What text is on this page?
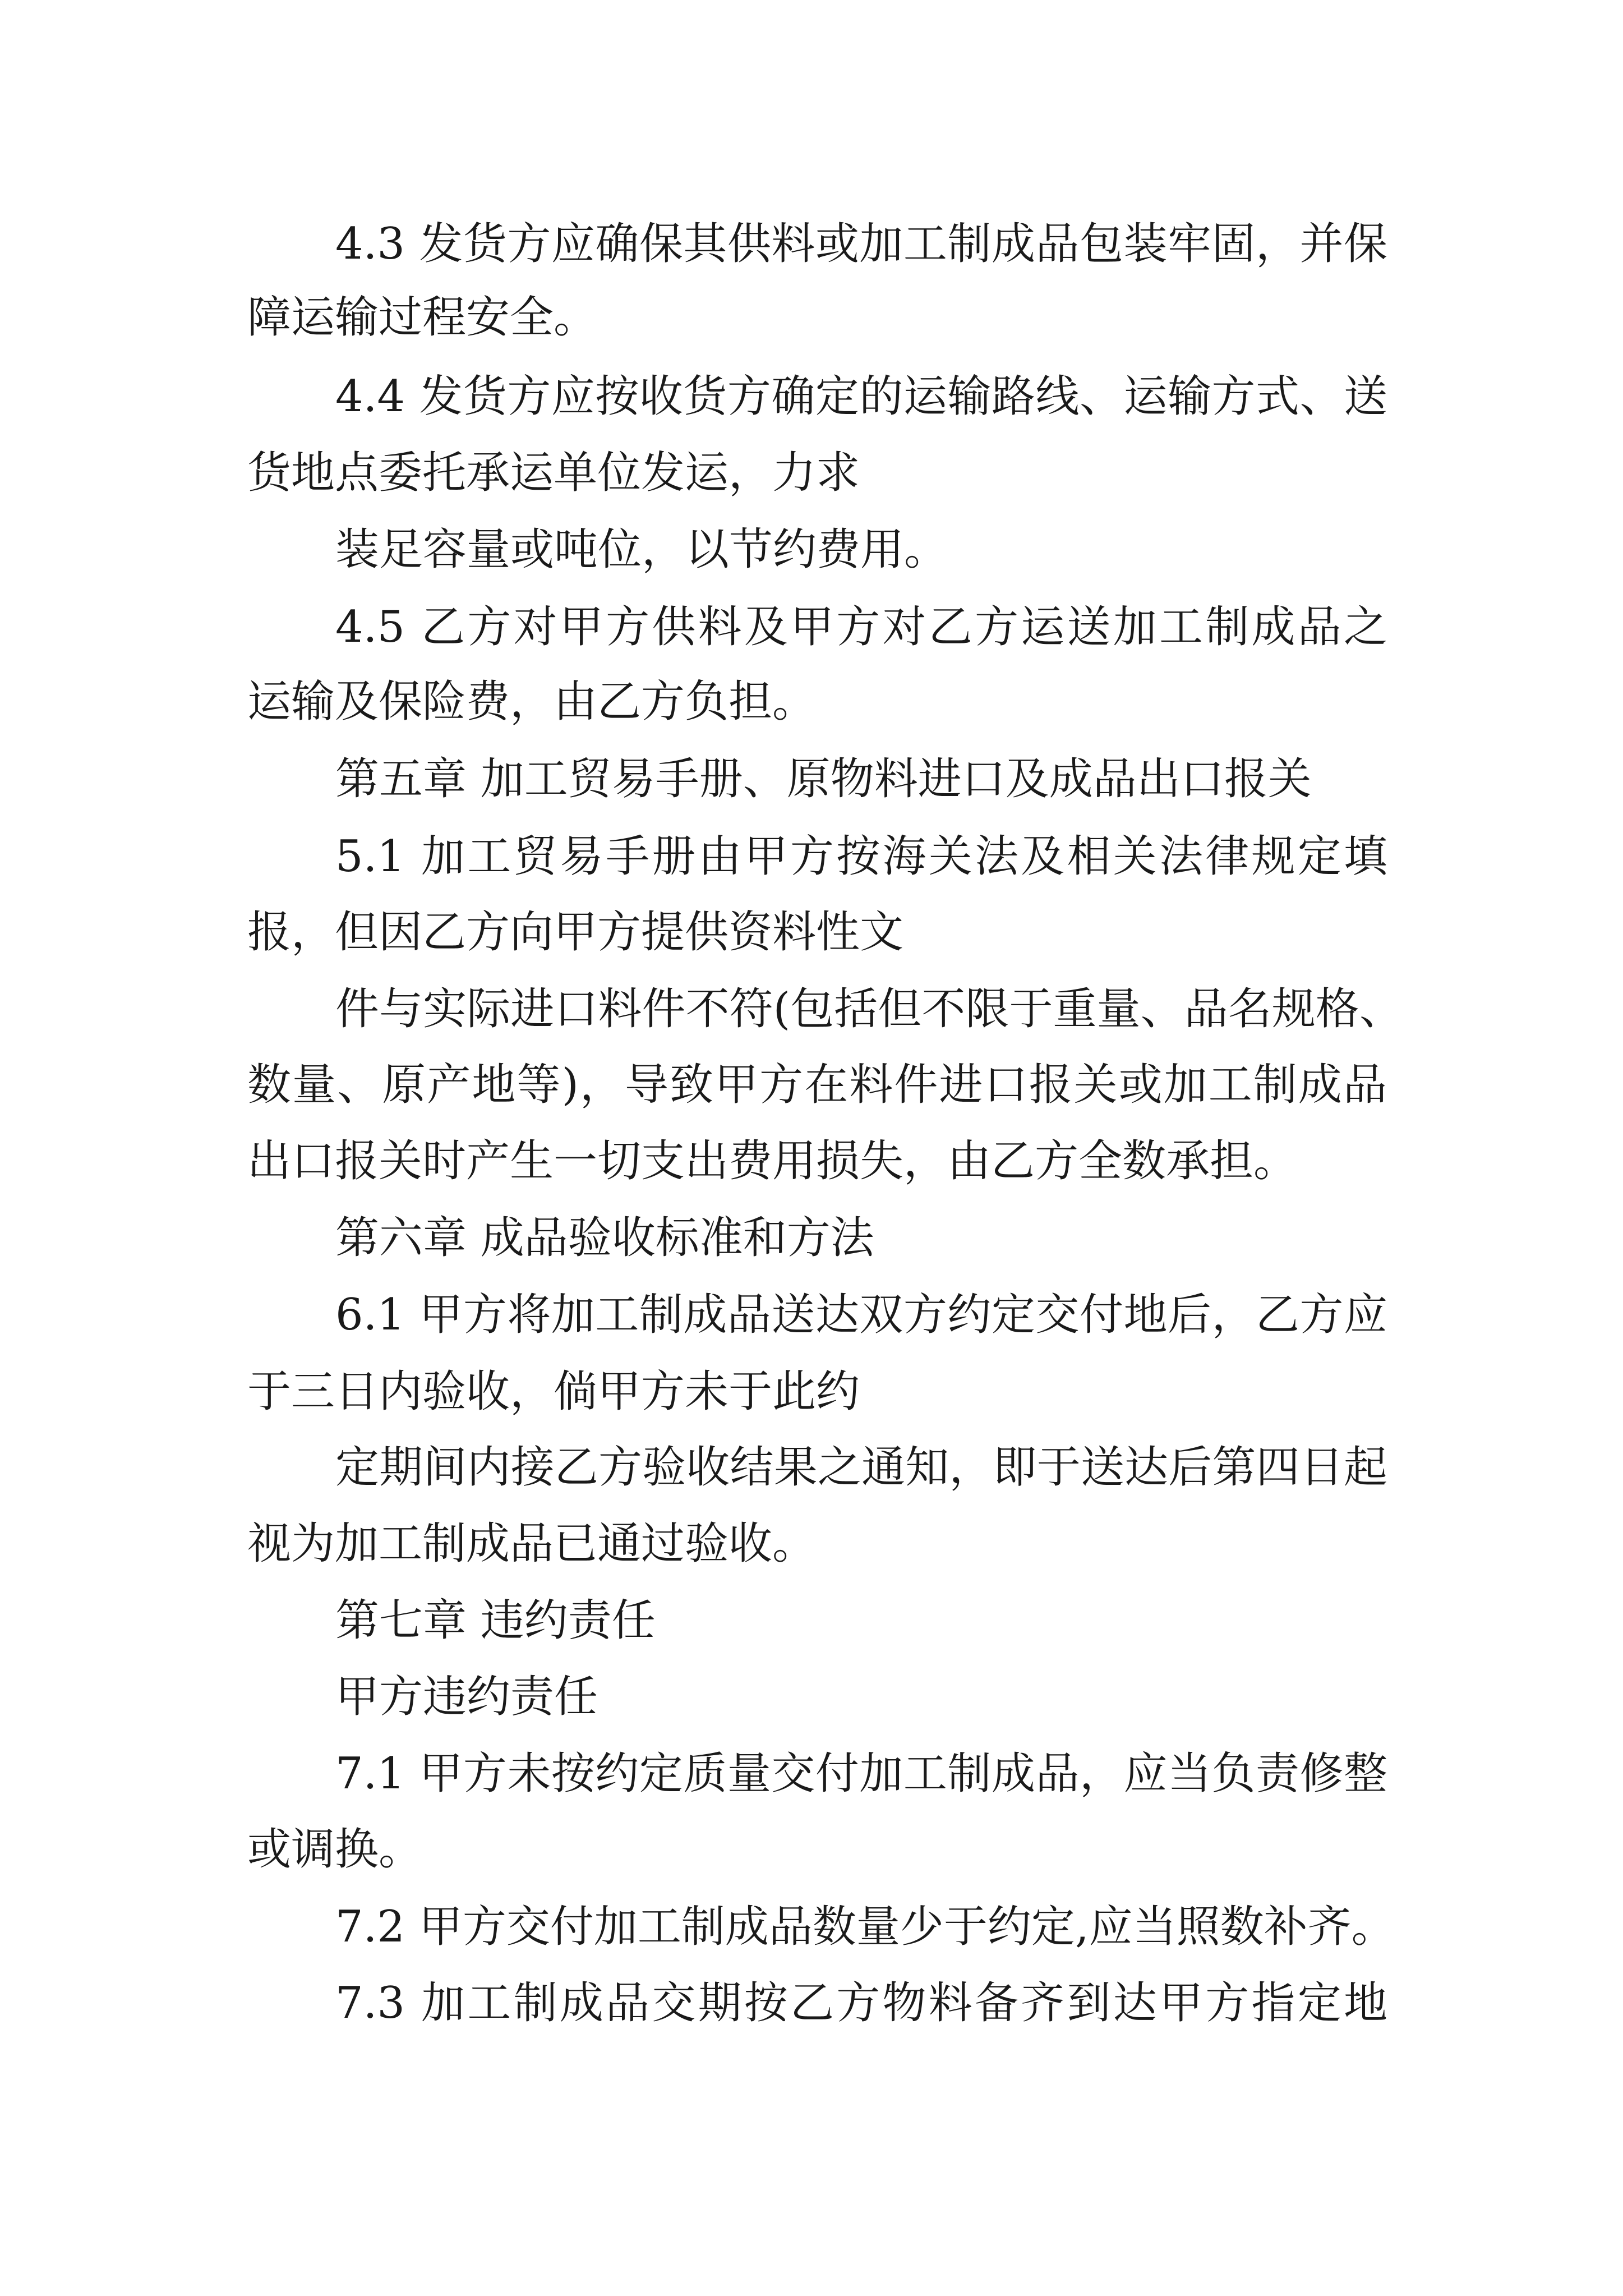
4.3 发货方应确保其供料或加工制成品包装牢固，并保

障运输过程安全。

4.4 发货方应按收货方确定的运输路线、运输方式、送

货地点委托承运单位发运，力求

装足容量或吨位，以节约费用。

4.5 乙方对甲方供料及甲方对乙方运送加工制成品之

运输及保险费，由乙方负担。

第五章 加工贸易手册、原物料进口及成品出口报关

5.1 加工贸易手册由甲方按海关法及相关法律规定填

报，但因乙方向甲方提供资料性文

件与实际进口料件不符(包括但不限于重量、品名规格、

数量、原产地等)，导致甲方在料件进口报关或加工制成品

出口报关时产生一切支出费用损失，由乙方全数承担。

第六章 成品验收标准和方法

6.1 甲方将加工制成品送达双方约定交付地后，乙方应

于三日内验收，倘甲方未于此约

定期间内接乙方验收结果之通知，即于送达后第四日起

视为加工制成品已通过验收。

第七章 违约责任

甲方违约责任

7.1 甲方未按约定质量交付加工制成品，应当负责修整

或调换。

7.2 甲方交付加工制成品数量少于约定,应当照数补齐。

7.3 加工制成品交期按乙方物料备齐到达甲方指定地
